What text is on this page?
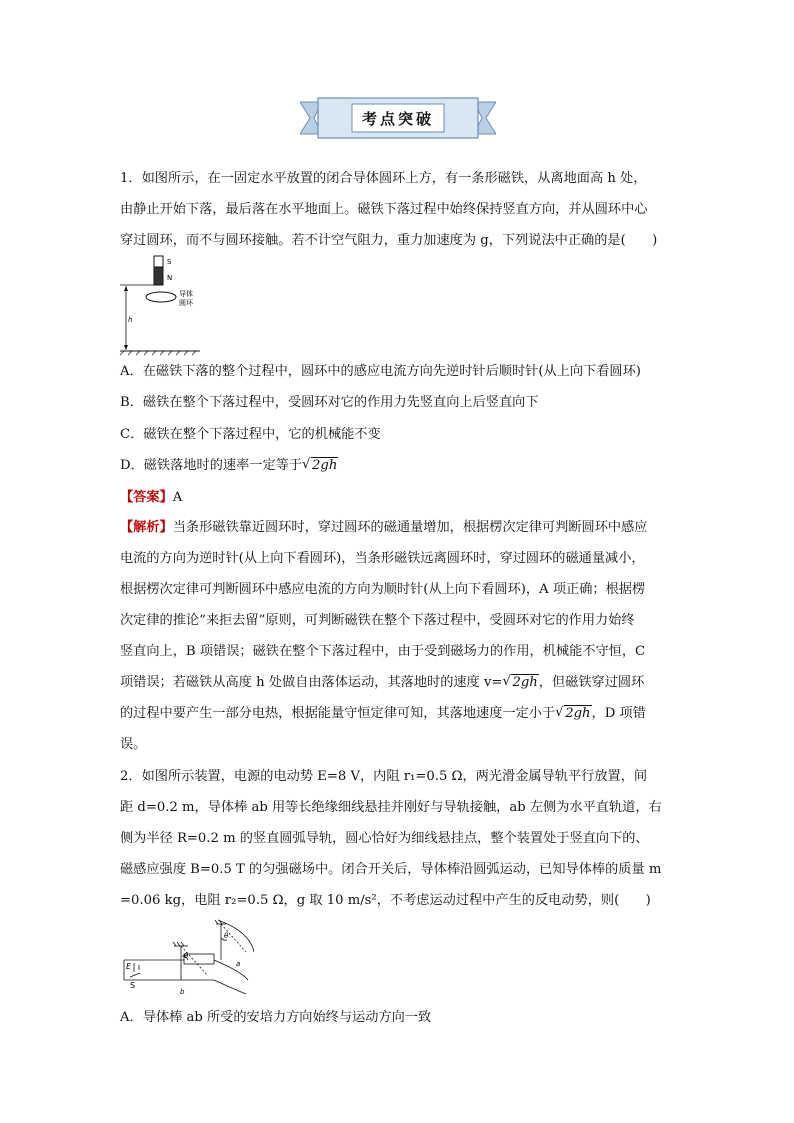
考点突破
1．如图所示，在一固定水平放置的闭合导体圆环上方，有一条形磁铁，从离地面高 h 处，
由静止开始下落，最后落在水平地面上。磁铁下落过程中始终保持竖直方向，并从圆环中心
穿过圆环，而不与圆环接触。若不计空气阻力，重力加速度为 g，下列说法中正确的是(　　)
S
N
导体
圆环
h
A．在磁铁下落的整个过程中，圆环中的感应电流方向先逆时针后顺时针(从上向下看圆环)
B．磁铁在整个下落过程中，受圆环对它的作用力先竖直向上后竖直向下
C．磁铁在整个下落过程中，它的机械能不变
D．磁铁落地时的速率一定等于 √ 2gh
【答案】A
【解析】当条形磁铁靠近圆环时，穿过圆环的磁通量增加，根据楞次定律可判断圆环中感应
电流的方向为逆时针(从上向下看圆环)，当条形磁铁远离圆环时，穿过圆环的磁通量减小，
根据楞次定律可判断圆环中感应电流的方向为顺时针(从上向下看圆环)，A 项正确；根据楞
次定律的推论“来拒去留”原则，可判断磁铁在整个下落过程中，受圆环对它的作用力始终
竖直向上，B 项错误；磁铁在整个下落过程中，由于受到磁场力的作用，机械能不守恒，C
项错误；若磁铁从高度 h 处做自由落体运动，其落地时的速度 v= √ 2gh，但磁铁穿过圆环
的过程中要产生一部分电热，根据能量守恒定律可知，其落地速度一定小于 √ 2gh，D 项错
误。
2．如图所示装置，电源的电动势 E=8 V，内阻 r₁=0.5 Ω，两光滑金属导轨平行放置，间
距 d=0.2 m，导体棒 ab 用等长绝缘细线悬挂并刚好与导轨接触，ab 左侧为水平直轨道，右
侧为半径 R=0.2 m 的竖直圆弧导轨，圆心恰好为细线悬挂点，整个装置处于竖直向下的、
磁感应强度 B=0.5 T 的匀强磁场中。闭合开关后，导体棒沿圆弧运动，已知导体棒的质量 m
=0.06 kg，电阻 r₂=0.5 Ω，g 取 10 m/s²，不考虑运动过程中产生的反电动势，则(　　)
E
S
a
b
θ
θ
A．导体棒 ab 所受的安培力方向始终与运动方向一致
